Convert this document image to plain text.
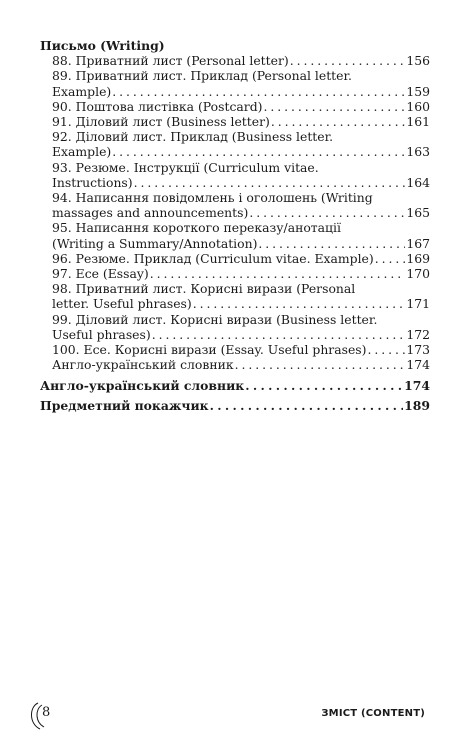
Письмо (Writing)
88. Приватний лист (Personal letter) . . .	156
89. Приватний лист. Приклад (Personal letter.
Example) . . .	159
90. Поштова листівка (Postcard) . . .	160
91. Діловий лист (Business letter) . . .	161
92. Діловий лист. Приклад (Business letter.
Example) . . .	163
93. Резюме. Інструкції (Curriculum vitae.
Instructions) . . .	164
94. Написання повідомлень і оголошень (Writing
massages and announcements) . . .	165
95. Написання короткого переказу/анотації
(Writing a Summary/Annotation) . . .	167
96. Резюме. Приклад (Curriculum vitae. Example) . . .	169
97. Есе (Essay) . . .	170
98. Приватний лист. Корисні вирази (Personal
letter. Useful phrases) . . .	171
99. Діловий лист. Корисні вирази (Business letter.
Useful phrases) . . .	172
100. Есе. Корисні вирази (Essay. Useful phrases) . . .	173
Англо-український словник . . .	174
Англо-український словник . . .	174
Предметний покажчик . . .	189
8	ЗМІСТ (CONTENT)
